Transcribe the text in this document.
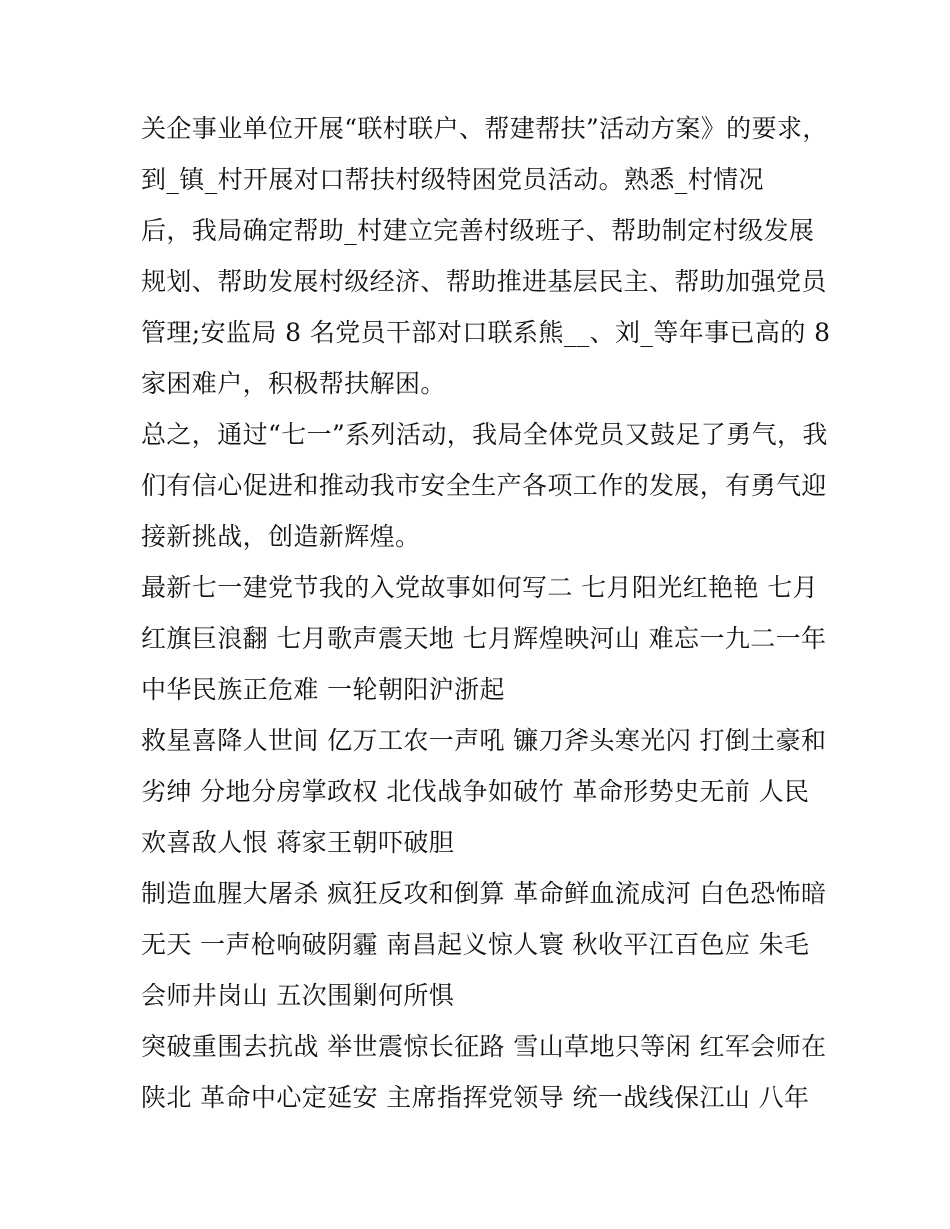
关企事业单位开展“联村联户、帮建帮扶”活动方案》的要求，
到_镇_村开展对口帮扶村级特困党员活动。熟悉_村情况
后，我局确定帮助_村建立完善村级班子、帮助制定村级发展
规划、帮助发展村级经济、帮助推进基层民主、帮助加强党员
管理;安监局 8 名党员干部对口联系熊__、刘_等年事已高的 8
家困难户，积极帮扶解困。
总之，通过“七一”系列活动，我局全体党员又鼓足了勇气，我
们有信心促进和推动我市安全生产各项工作的发展，有勇气迎
接新挑战，创造新辉煌。
最新七一建党节我的入党故事如何写二 七月阳光红艳艳 七月
红旗巨浪翻 七月歌声震天地 七月辉煌映河山 难忘一九二一年
中华民族正危难 一轮朝阳沪浙起
救星喜降人世间 亿万工农一声吼 镰刀斧头寒光闪 打倒土豪和
劣绅 分地分房掌政权 北伐战争如破竹 革命形势史无前 人民
欢喜敌人恨 蒋家王朝吓破胆
制造血腥大屠杀 疯狂反攻和倒算 革命鲜血流成河 白色恐怖暗
无天 一声枪响破阴霾 南昌起义惊人寰 秋收平江百色应 朱毛
会师井岗山 五次围剿何所惧
突破重围去抗战 举世震惊长征路 雪山草地只等闲 红军会师在
陕北 革命中心定延安 主席指挥党领导 统一战线保江山 八年
